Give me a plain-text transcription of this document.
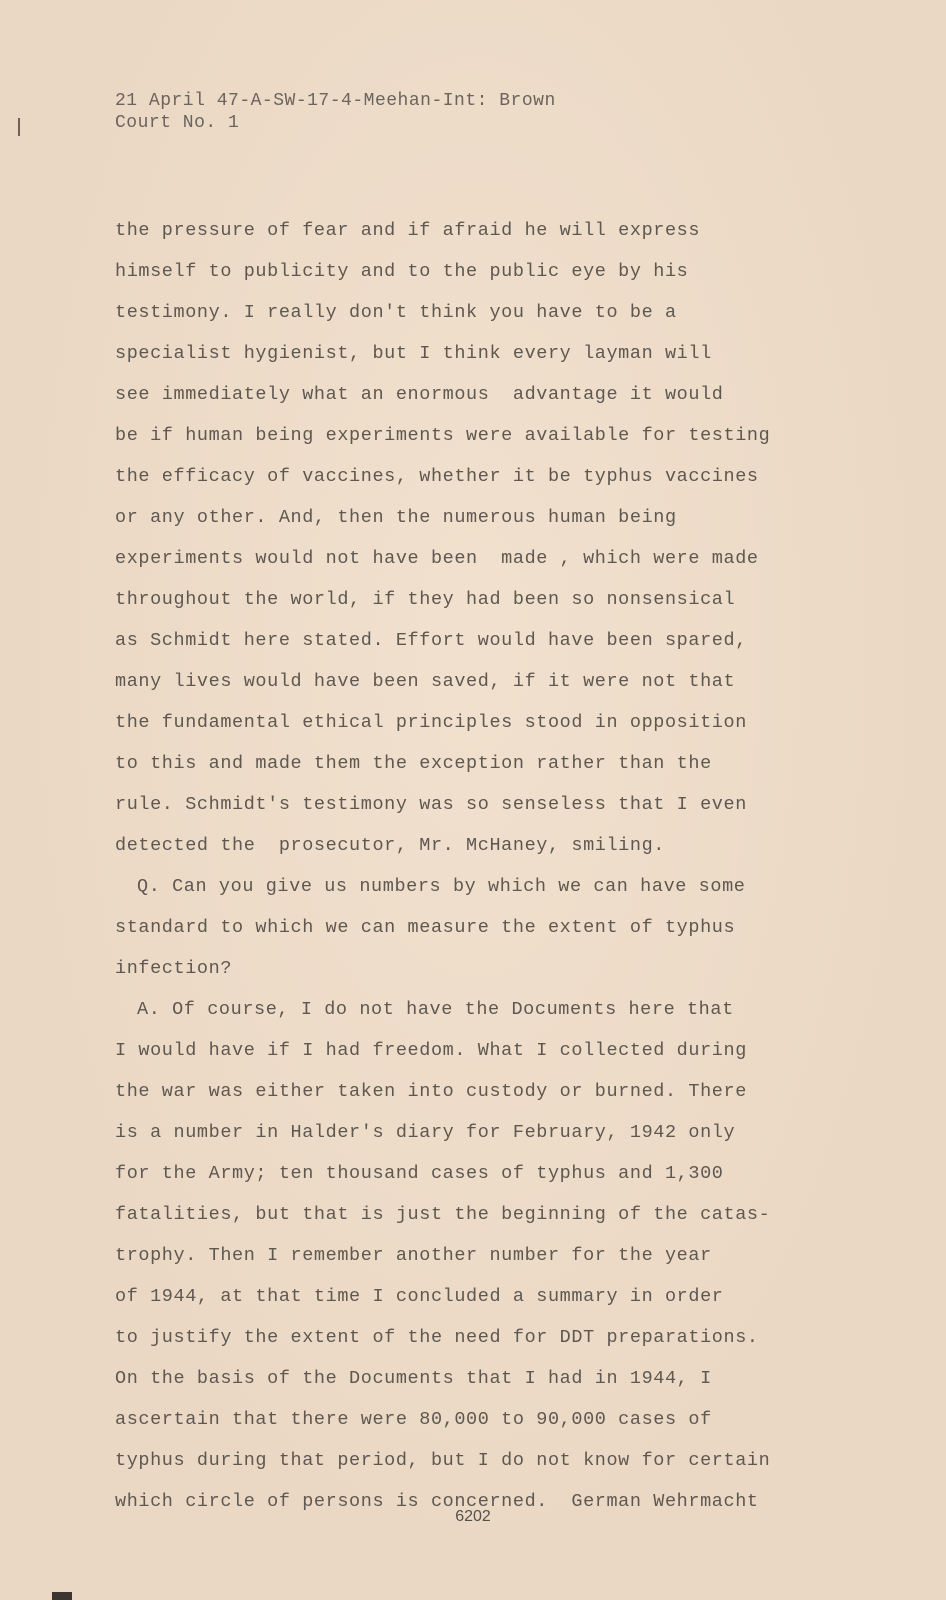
21 April 47-A-SW-17-4-Meehan-Int: Brown
Court No. 1
the pressure of fear and if afraid he will express
himself to publicity and to the public eye by his
testimony. I really don't think you have to be a
specialist hygienist, but I think every layman will
see immediately what an enormous  advantage it would
be if human being experiments were available for testing
the efficacy of vaccines, whether it be typhus vaccines
or any other. And, then the numerous human being
experiments would not have been  made , which were made
throughout the world, if they had been so nonsensical
as Schmidt here stated. Effort would have been spared,
many lives would have been saved, if it were not that
the fundamental ethical principles stood in opposition
to this and made them the exception rather than the
rule. Schmidt's testimony was so senseless that I even
detected the  prosecutor, Mr. McHaney, smiling.
Q. Can you give us numbers by which we can have some
standard to which we can measure the extent of typhus
infection?
A. Of course, I do not have the Documents here that
I would have if I had freedom. What I collected during
the war was either taken into custody or burned. There
is a number in Halder's diary for February, 1942 only
for the Army; ten thousand cases of typhus and 1,300
fatalities, but that is just the beginning of the catas-
trophy. Then I remember another number for the year
of 1944, at that time I concluded a summary in order
to justify the extent of the need for DDT preparations.
On the basis of the Documents that I had in 1944, I
ascertain that there were 80,000 to 90,000 cases of
typhus during that period, but I do not know for certain
which circle of persons is concerned.  German Wehrmacht
6202
